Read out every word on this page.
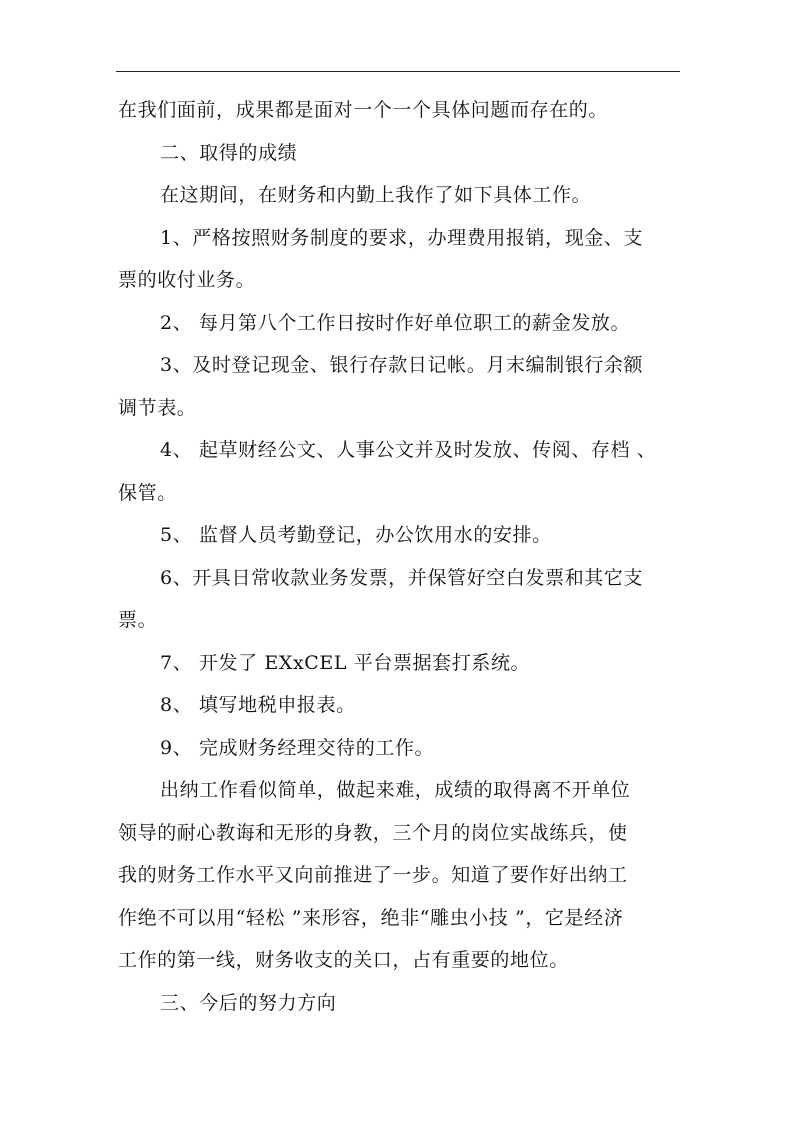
在我们面前，成果都是面对一个一个具体问题而存在的。
二、取得的成绩
在这期间，在财务和内勤上我作了如下具体工作。
1、严格按照财务制度的要求，办理费用报销，现金、支
票的收付业务。
2、 每月第八个工作日按时作好单位职工的薪金发放。
3、及时登记现金、银行存款日记帐。月末编制银行余额
调节表。
4、 起草财经公文、人事公文并及时发放、传阅、存档 、
保管。
5、 监督人员考勤登记，办公饮用水的安排。
6、开具日常收款业务发票，并保管好空白发票和其它支
票。
7、 开发了 EXxCEL 平台票据套打系统。
8、 填写地税申报表。
9、 完成财务经理交待的工作。
出纳工作看似简单，做起来难，成绩的取得离不开单位
领导的耐心教诲和无形的身教，三个月的岗位实战练兵，使
我的财务工作水平又向前推进了一步。知道了要作好出纳工
作绝不可以用“轻松 ”来形容，绝非“雕虫小技 ”，它是经济
工作的第一线，财务收支的关口，占有重要的地位。
三、今后的努力方向
